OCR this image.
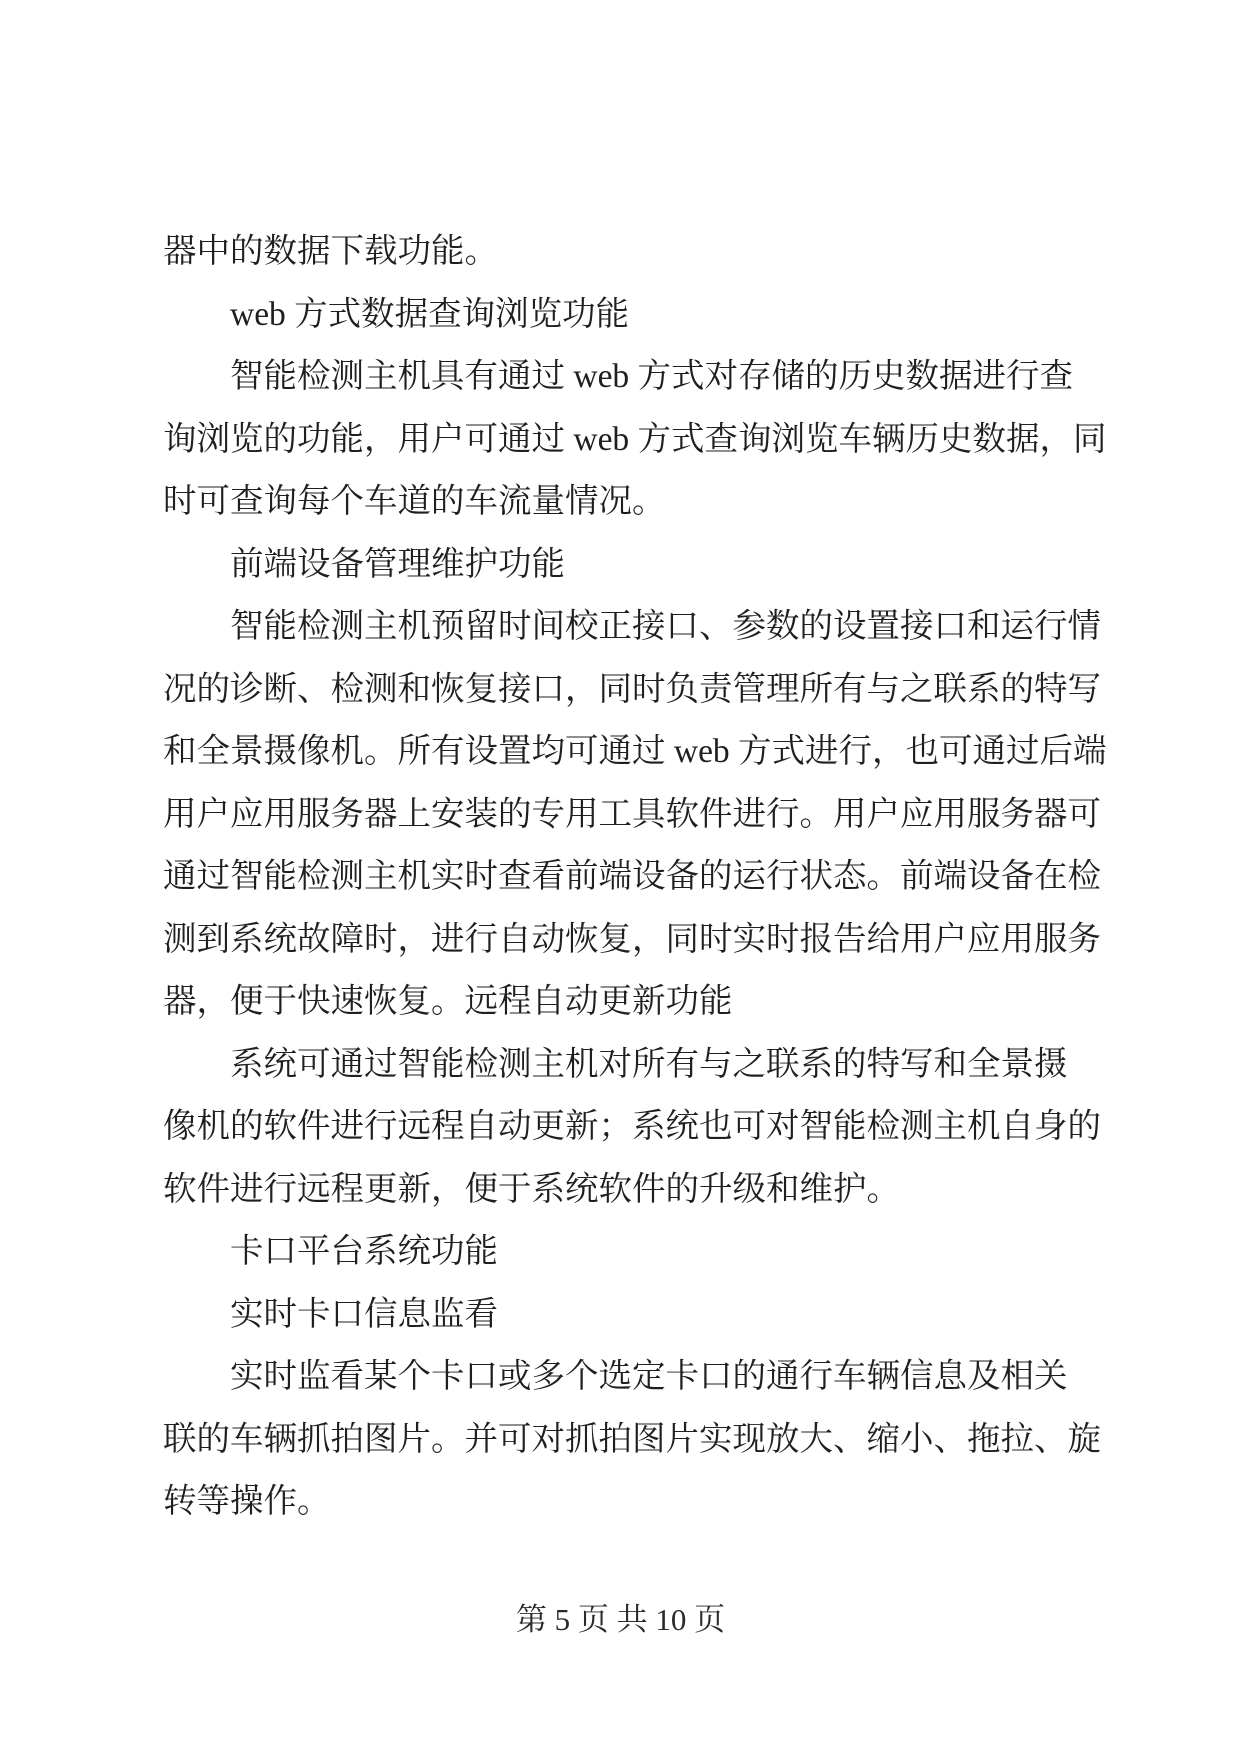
器中的数据下载功能。
　　web 方式数据查询浏览功能
　　智能检测主机具有通过 web 方式对存储的历史数据进行查
询浏览的功能，用户可通过 web 方式查询浏览车辆历史数据，同
时可查询每个车道的车流量情况。
　　前端设备管理维护功能
　　智能检测主机预留时间校正接口、参数的设置接口和运行情
况的诊断、检测和恢复接口，同时负责管理所有与之联系的特写
和全景摄像机。所有设置均可通过 web 方式进行，也可通过后端
用户应用服务器上安装的专用工具软件进行。用户应用服务器可
通过智能检测主机实时查看前端设备的运行状态。前端设备在检
测到系统故障时，进行自动恢复，同时实时报告给用户应用服务
器，便于快速恢复。远程自动更新功能
　　系统可通过智能检测主机对所有与之联系的特写和全景摄
像机的软件进行远程自动更新；系统也可对智能检测主机自身的
软件进行远程更新，便于系统软件的升级和维护。
　　卡口平台系统功能
　　实时卡口信息监看
　　实时监看某个卡口或多个选定卡口的通行车辆信息及相关
联的车辆抓拍图片。并可对抓拍图片实现放大、缩小、拖拉、旋
转等操作。
第 5 页 共 10 页
